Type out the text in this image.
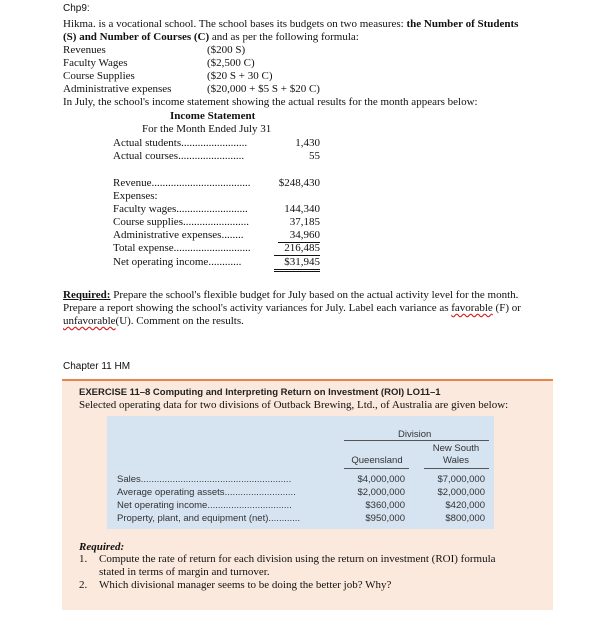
Chp9:
Hikma. is a vocational school. The school bases its budgets on two measures: the Number of Students
(S) and Number of Courses (C) and as per the following formula:
Revenues	($200 S)
Faculty Wages	($2,500 C)
Course Supplies	($20 S + 30 C)
Administrative expenses	($20,000 + $5 S + $20 C)
In July, the school's income statement showing the actual results for the month appears below:
Income Statement
For the Month Ended July 31
Actual students........................	1,430
Actual courses........................	55
Revenue....................................	$248,430
Expenses:
Faculty wages..........................	144,340
Course supplies........................	37,185
Administrative expenses........	34,960
Total expense............................	216,485
Net operating income............	$31,945
Required: Prepare the school's flexible budget for July based on the actual activity level for the month.
Prepare a report showing the school's activity variances for July. Label each variance as favorable (F) or
unfavorable(U). Comment on the results.
Chapter 11 HM
EXERCISE 11–8 Computing and Interpreting Return on Investment (ROI) LO11–1
Selected operating data for two divisions of Outback Brewing, Ltd., of Australia are given below:
Division
New South
Queensland	Wales
Sales.........................................................	$4,000,000	$7,000,000
Average operating assets...........................	$2,000,000	$2,000,000
Net operating income................................	$360,000	$420,000
Property, plant, and equipment (net)............	$950,000	$800,000
Required:
1. Compute the rate of return for each division using the return on investment (ROI) formula
stated in terms of margin and turnover.
2. Which divisional manager seems to be doing the better job? Why?
